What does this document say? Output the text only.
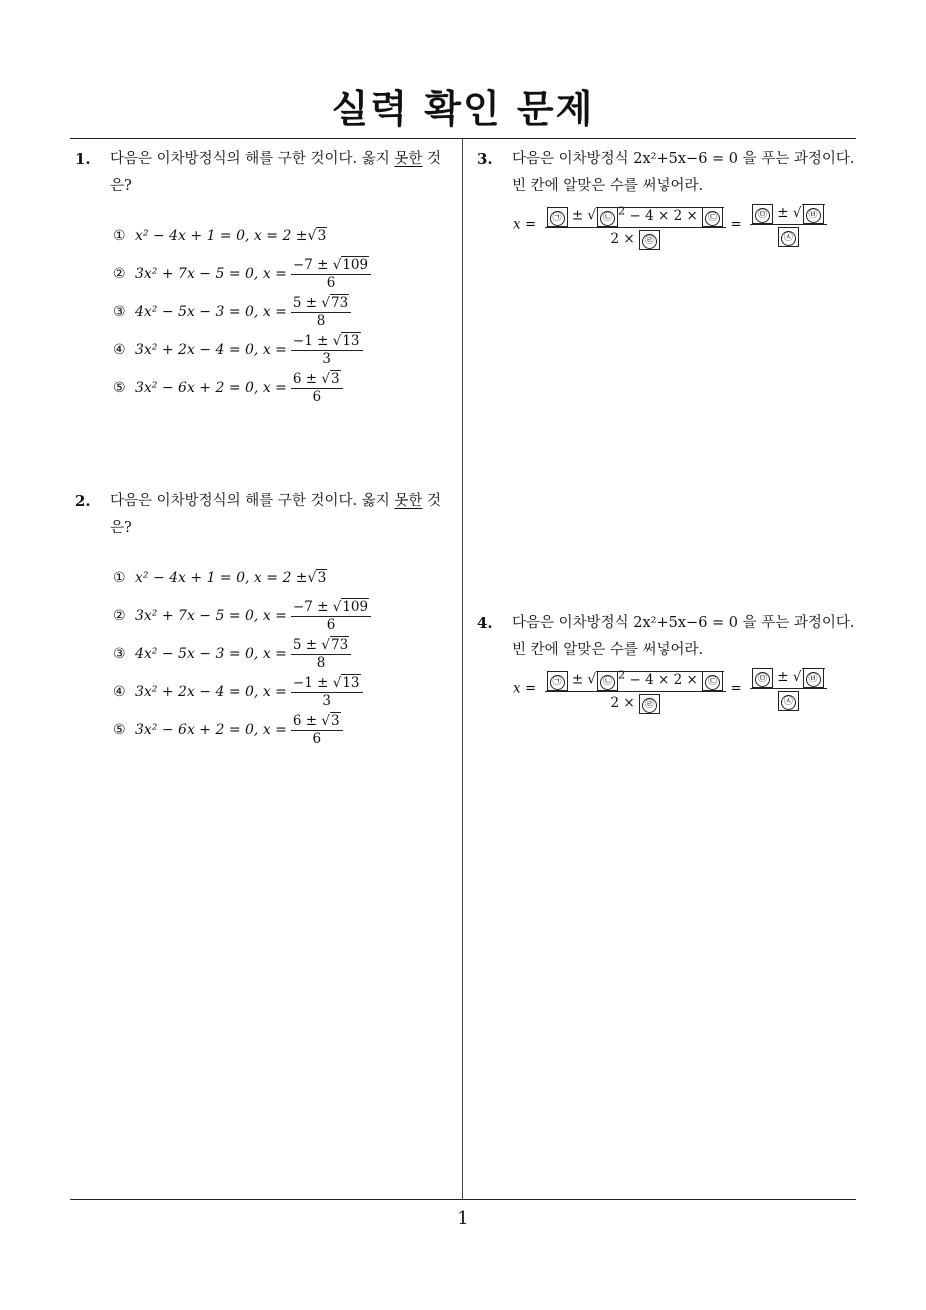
실력 확인 문제
1
1. 다음은 이차방정식의 해를 구한 것이다. 옳지 못한 것은?
① x² − 4x + 1 = 0, x = 2 ± √3
② 3x² + 7x − 5 = 0, $x = \frac{-7 \pm √109}{6}$
③ 4x² − 5x − 3 = 0, $x = \frac{5 \pm √73}{8}$
④ 3x² + 2x − 4 = 0, $x = \frac{-1 \pm √13}{3}$
⑤ 3x² − 6x + 2 = 0, $x = \frac{6 \pm √3}{6}$
2. 다음은 이차방정식의 해를 구한 것이다. 옳지 못한 것은?
① x² − 4x + 1 = 0, x = 2 ± √3
② 3x² + 7x − 5 = 0, $x = \frac{-7 \pm √109}{6}$
③ 4x² − 5x − 3 = 0, $x = \frac{5 \pm √73}{8}$
④ 3x² + 2x − 4 = 0, $x = \frac{-1 \pm √13}{3}$
⑤ 3x² − 6x + 2 = 0, $x = \frac{6 \pm √3}{6}$
3. 다음은 이차방정식 2x²+5x−6 = 0 을 푸는 과정이다.
빈 칸에 알맞은 수를 써넣어라.
$x = \frac{㉠ \pm √ ㉡^2 - 4 \times 2 \times ㉢}{2 \times ㉣} = \frac{㉤ \pm √ ㉥}{㉦}$
4. 다음은 이차방정식 2x²+5x−6 = 0 을 푸는 과정이다.
빈 칸에 알맞은 수를 써넣어라.
$x = \frac{㉠ \pm √ ㉡^2 - 4 \times 2 \times ㉢}{2 \times ㉣} = \frac{㉤ \pm √ ㉥}{㉦}$
